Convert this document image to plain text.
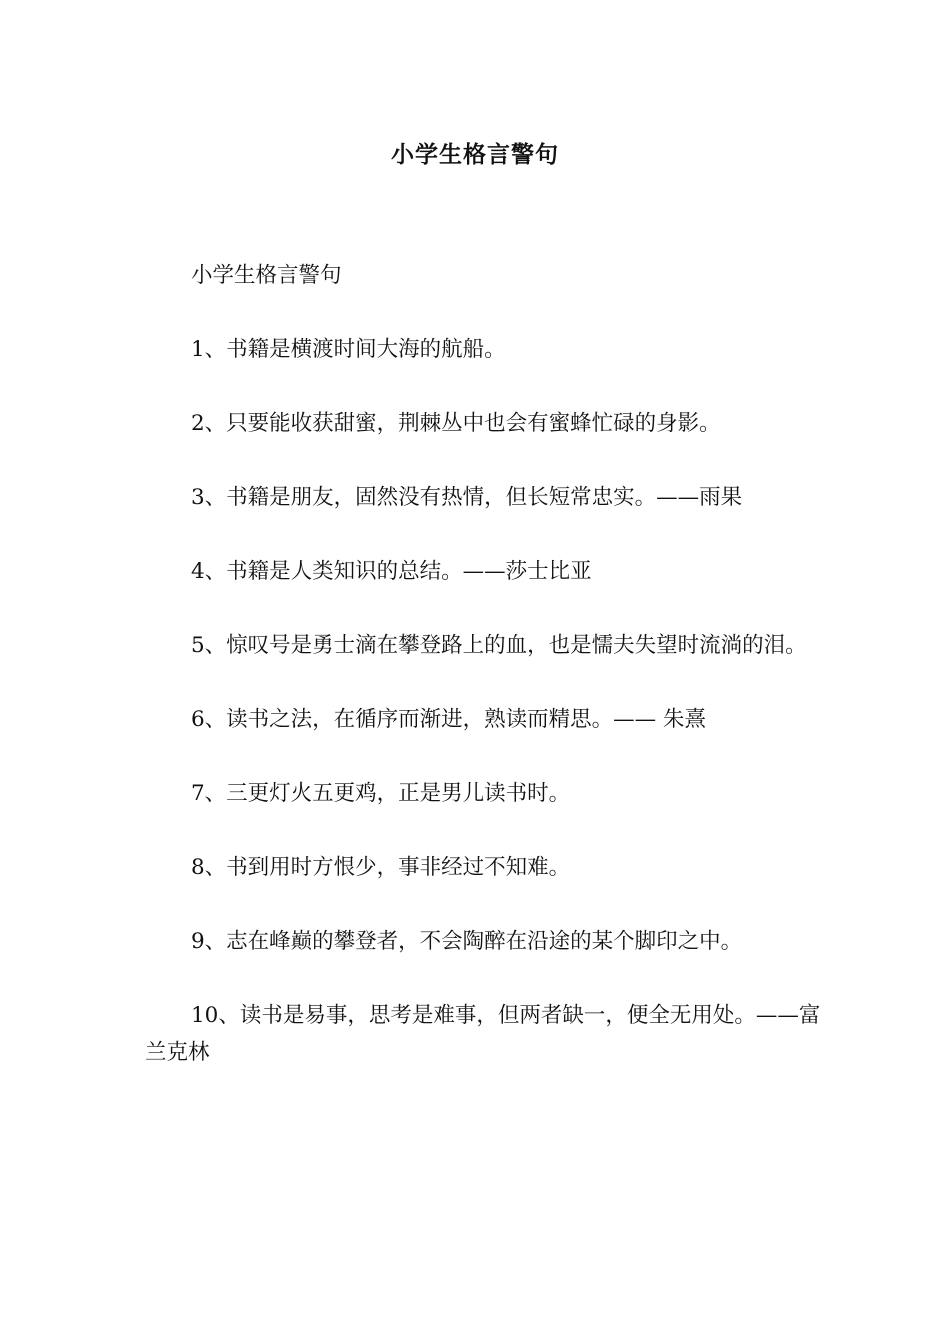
小学生格言警句

小学生格言警句

1、书籍是横渡时间大海的航船。

2、只要能收获甜蜜，荆棘丛中也会有蜜蜂忙碌的身影。

3、书籍是朋友，固然没有热情，但长短常忠实。——雨果

4、书籍是人类知识的总结。——莎士比亚

5、惊叹号是勇士滴在攀登路上的血，也是懦夫失望时流淌的泪。

6、读书之法，在循序而渐进，熟读而精思。—— 朱熹

7、三更灯火五更鸡，正是男儿读书时。

8、书到用时方恨少，事非经过不知难。

9、志在峰巅的攀登者，不会陶醉在沿途的某个脚印之中。

10、读书是易事，思考是难事，但两者缺一，便全无用处。——富兰克林
